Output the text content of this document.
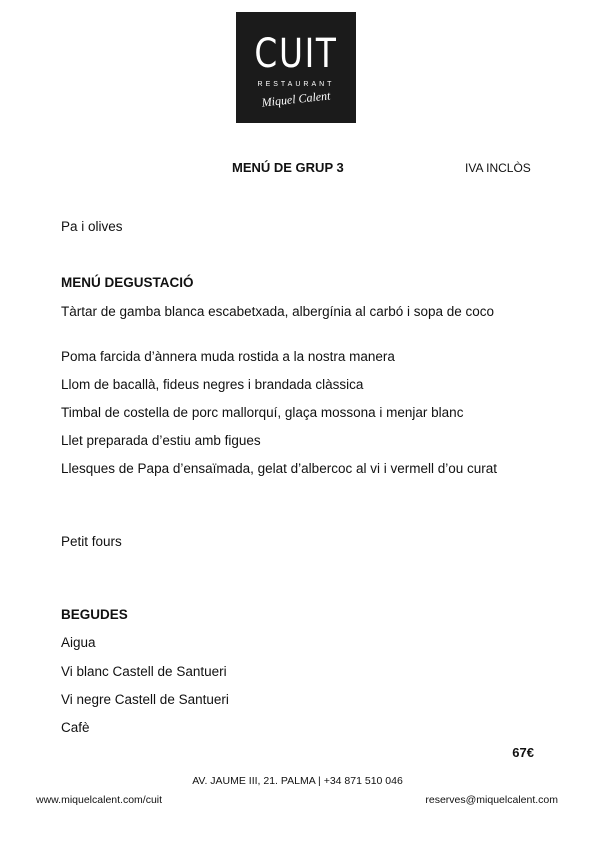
CUIT
RESTAURANT
Miquel Calent
MENÚ DE GRUP 3	IVA INCLÒS
Pa i olives
MENÚ DEGUSTACIÓ
Tàrtar de gamba blanca escabetxada, albergínia al carbó i sopa de coco
Poma farcida d’ànnera muda rostida a la nostra manera
Llom de bacallà, fideus negres i brandada clàssica
Timbal de costella de porc mallorquí, glaça mossona i menjar blanc
Llet preparada d’estiu amb figues
Llesques de Papa d’ensaïmada, gelat d’albercoc al vi i vermell d’ou curat
Petit fours
BEGUDES
Aigua
Vi blanc Castell de Santueri
Vi negre Castell de Santueri
Cafè
67€
AV. JAUME III, 21. PALMA | +34 871 510 046
www.miquelcalent.com/cuit	reserves@miquelcalent.com
